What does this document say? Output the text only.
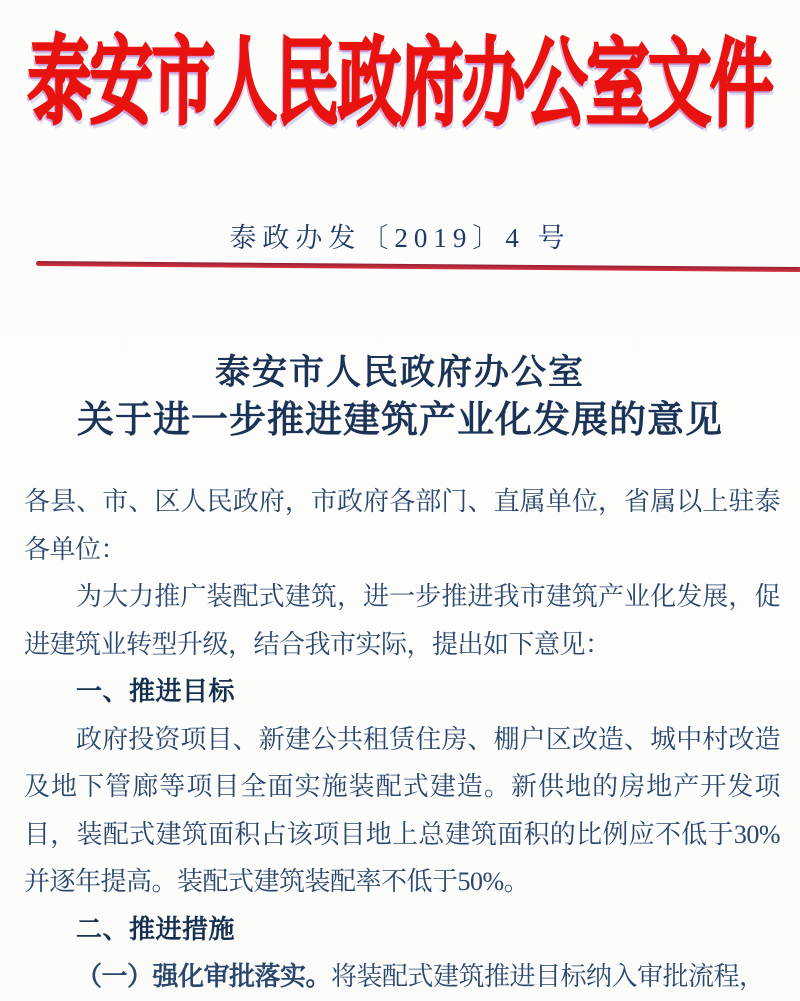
泰安市人民政府办公室文件
泰政办发〔2019〕4 号
泰安市人民政府办公室
关于进一步推进建筑产业化发展的意见

各县、市、区人民政府，市政府各部门、直属单位，省属以上驻泰各单位：

为大力推广装配式建筑，进一步推进我市建筑产业化发展，促进建筑业转型升级，结合我市实际，提出如下意见：

一、推进目标

政府投资项目、新建公共租赁住房、棚户区改造、城中村改造及地下管廊等项目全面实施装配式建造。新供地的房地产开发项目，装配式建筑面积占该项目地上总建筑面积的比例应不低于30%并逐年提高。装配式建筑装配率不低于50%。

二、推进措施

（一）强化审批落实。将装配式建筑推进目标纳入审批流程，
